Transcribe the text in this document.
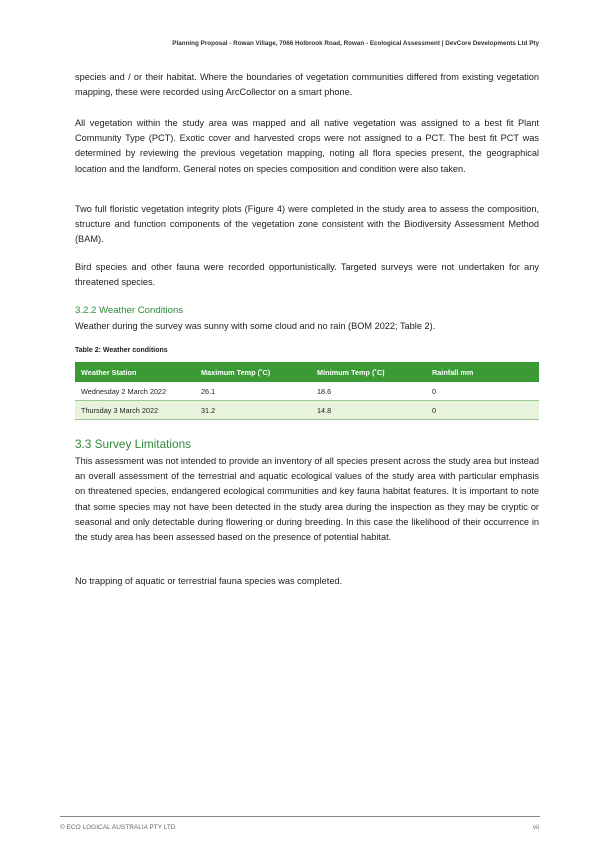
Planning Proposal - Rowan Village, 7066 Holbrook Road, Rowan - Ecological Assessment | DevCore Developments Ltd Pty

species and / or their habitat. Where the boundaries of vegetation communities differed from existing vegetation mapping, these were recorded using ArcCollector on a smart phone.

All vegetation within the study area was mapped and all native vegetation was assigned to a best fit Plant Community Type (PCT). Exotic cover and harvested crops were not assigned to a PCT. The best fit PCT was determined by reviewing the previous vegetation mapping, noting all flora species present, the geographical location and the landform. General notes on species composition and condition were also taken.

Two full floristic vegetation integrity plots (Figure 4) were completed in the study area to assess the composition, structure and function components of the vegetation zone consistent with the Biodiversity Assessment Method (BAM).

Bird species and other fauna were recorded opportunistically. Targeted surveys were not undertaken for any threatened species.

3.2.2 Weather Conditions

Weather during the survey was sunny with some cloud and no rain (BOM 2022; Table 2).

Table 2: Weather conditions
Weather Station	Maximum Temp (˚C)	Minimum Temp (˚C)	Rainfall mm
Wednesday 2 March 2022	26.1	18.6	0
Thursday 3 March 2022	31.2	14.8	0
3.3 Survey Limitations

This assessment was not intended to provide an inventory of all species present across the study area but instead an overall assessment of the terrestrial and aquatic ecological values of the study area with particular emphasis on threatened species, endangered ecological communities and key fauna habitat features. It is important to note that some species may not have been detected in the study area during the inspection as they may be cryptic or seasonal and only detectable during flowering or during breeding. In this case the likelihood of their occurrence in the study area has been assessed based on the presence of potential habitat.

No trapping of aquatic or terrestrial fauna species was completed.

© ECO LOGICAL AUSTRALIA PTY LTD	vii
